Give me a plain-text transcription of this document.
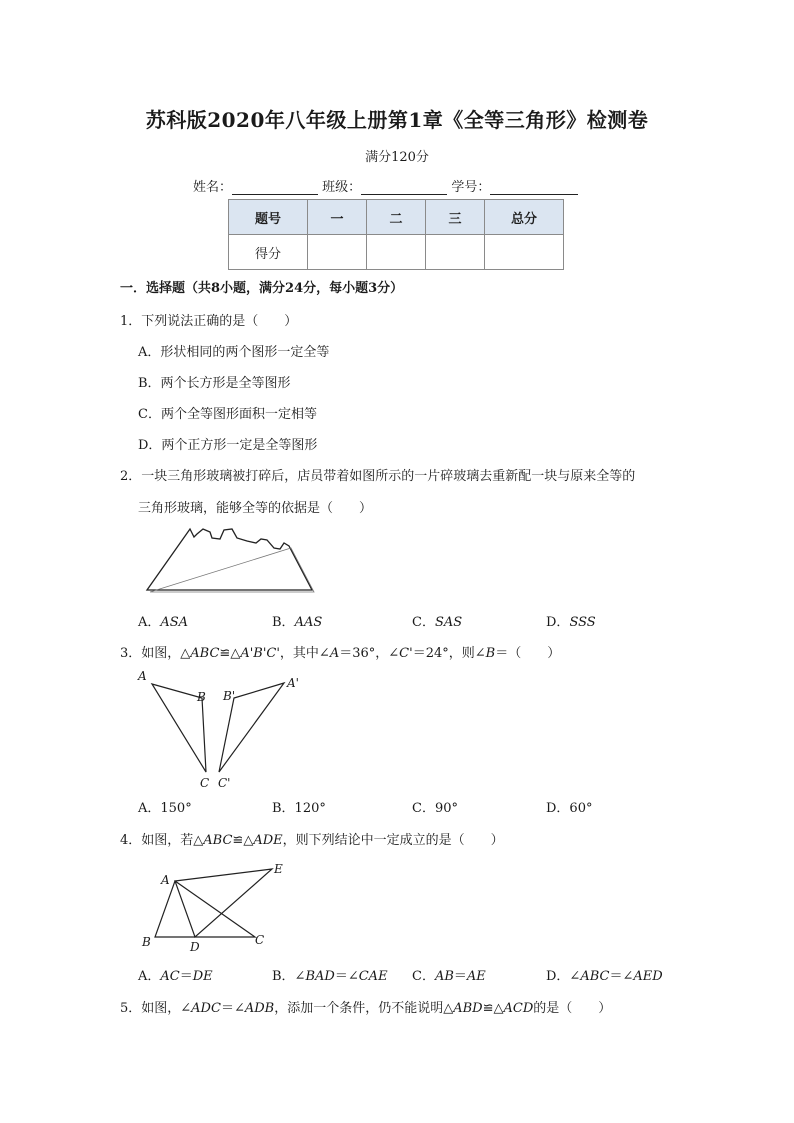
苏科版2020年八年级上册第1章《全等三角形》检测卷
满分120分
姓名：	班级：	学号：
题号	一	二	三	总分
得分				
一．选择题（共8小题，满分24分，每小题3分）
1．下列说法正确的是（　　）
A．形状相同的两个图形一定全等
B．两个长方形是全等图形
C．两个全等图形面积一定相等
D．两个正方形一定是全等图形
2．一块三角形玻璃被打碎后，店员带着如图所示的一片碎玻璃去重新配一块与原来全等的
三角形玻璃，能够全等的依据是（　　）
A．ASA	B．AAS	C．SAS	D．SSS
3．如图，△ABC≌△A'B'C'，其中∠A＝36°，∠C'＝24°，则∠B＝（　　）
A
B
C
B'
A'
C'
A．150°	B．120°	C．90°	D．60°
4．如图，若△ABC≌△ADE，则下列结论中一定成立的是（　　）
A
E
B	D	C
A．AC＝DE	B．∠BAD＝∠CAE C．AB＝AE	D．∠ABC＝∠AED
5．如图，∠ADC＝∠ADB，添加一个条件，仍不能说明△ABD≌△ACD的是（　　）
